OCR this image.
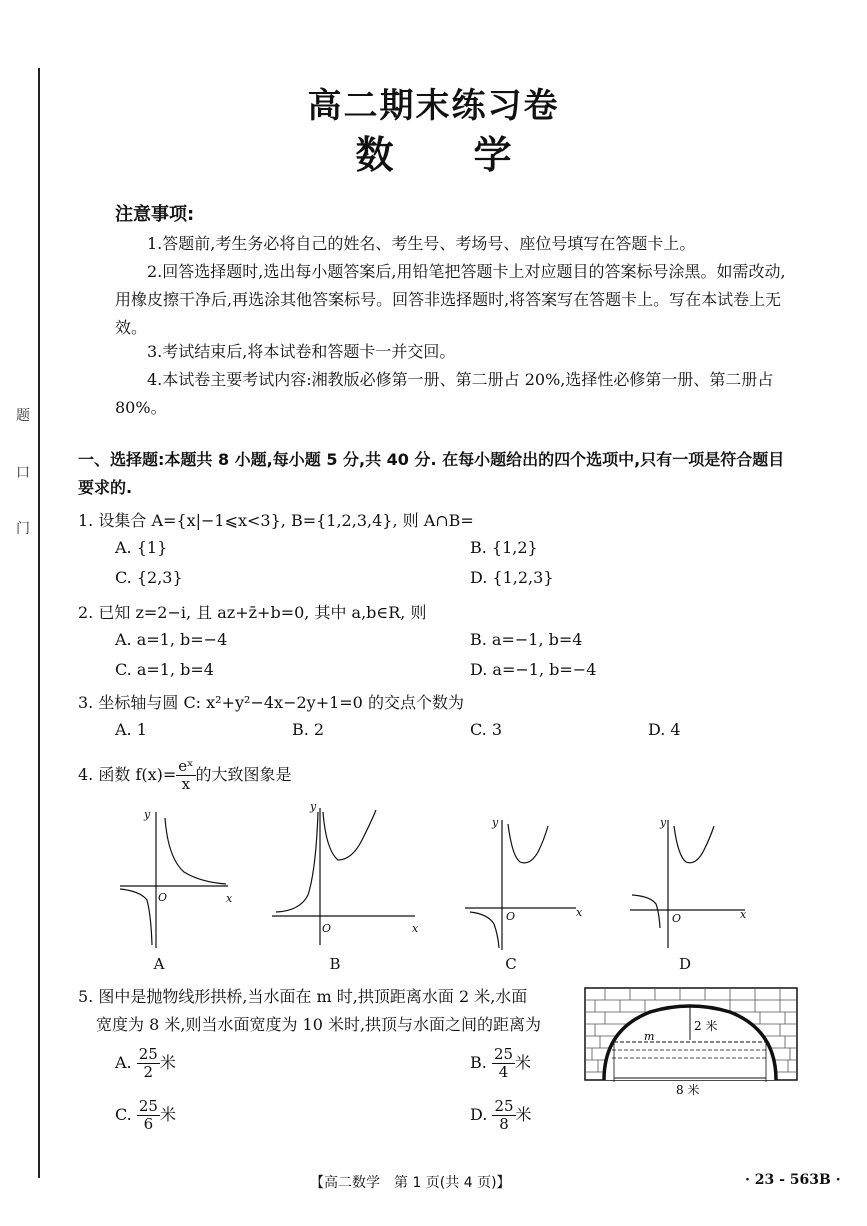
题
口
门
高二期末练习卷
数 学
注意事项:
1.答题前,考生务必将自己的姓名、考生号、考场号、座位号填写在答题卡上。
2.回答选择题时,选出每小题答案后,用铅笔把答题卡上对应题目的答案标号涂黑。如需改动,用橡皮擦干净后,再选涂其他答案标号。回答非选择题时,将答案写在答题卡上。写在本试卷上无效。
3.考试结束后,将本试卷和答题卡一并交回。
4.本试卷主要考试内容:湘教版必修第一册、第二册占 20%,选择性必修第一册、第二册占 80%。
一、选择题:本题共 8 小题,每小题 5 分,共 40 分. 在每小题给出的四个选项中,只有一项是符合题目要求的.
1. 设集合 A={x|−1⩽x<3}, B={1,2,3,4}, 则 A∩B=
A. {1}	B. {1,2}
C. {2,3}	D. {1,2,3}
2. 已知 z=2−i, 且 az+z̄+b=0, 其中 a,b∈R, 则
A. a=1, b=−4	B. a=−1, b=4
C. a=1, b=4	D. a=−1, b=−4
3. 坐标轴与圆 C: x²+y²−4x−2y+1=0 的交点个数为
A. 1	B. 2	C. 3	D. 4
4. 函数 $f(x)= \frac{\text{eˣ}}{x}$ 的大致图象是
y
x
O
y
x
O
y
x
O
y
x
O
2 米
m
8 米
A	B	C	D
5. 图中是抛物线形拱桥,当水面在 m 时,拱顶距离水面 2 米,水面
宽度为 8 米,则当水面宽度为 10 米时,拱顶与水面之间的距离为
A. $\frac{25}{2}$ 米	B. $\frac{25}{4}$ 米
C. $\frac{25}{6}$ 米	D. $\frac{25}{8}$ 米
【高二数学　第 1 页(共 4 页)】	· 23 - 563B ·
